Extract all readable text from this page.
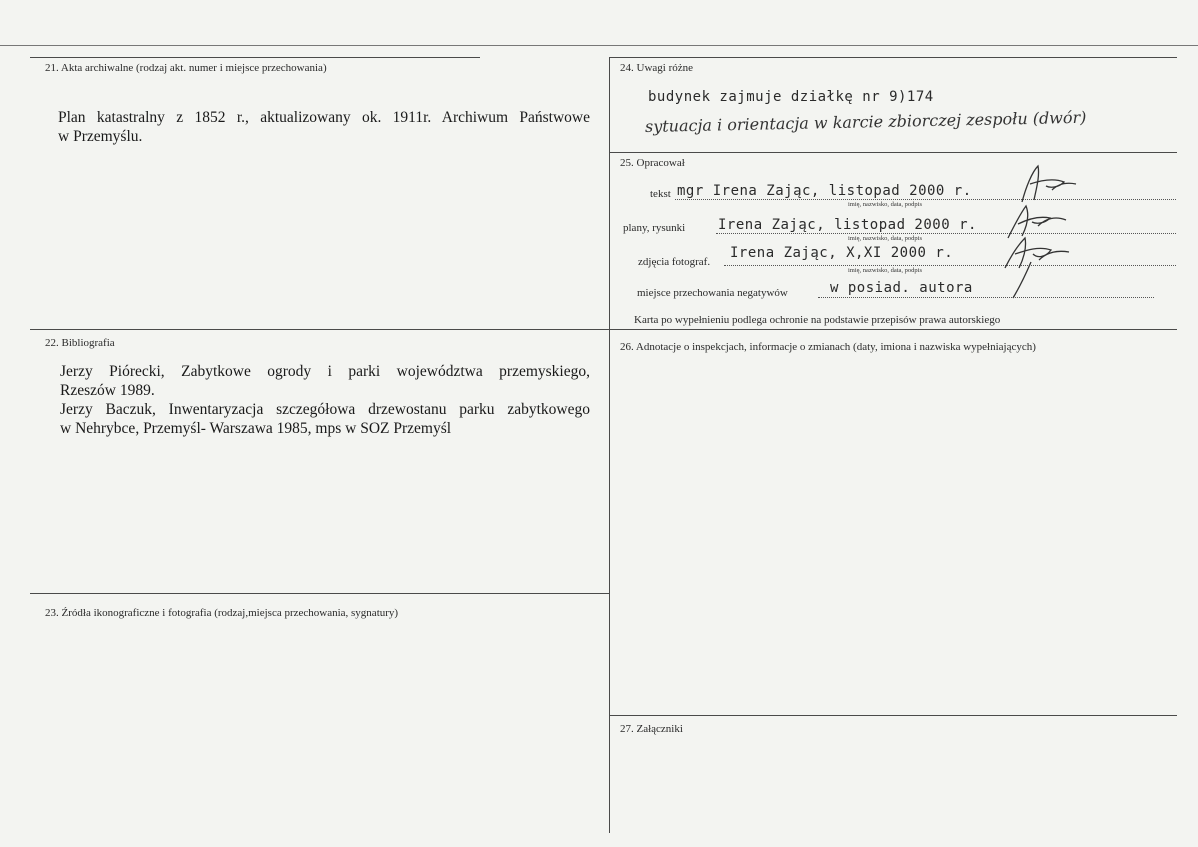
21. Akta archiwalne (rodzaj akt. numer i miejsce przechowania)
Plan katastralny z 1852 r., aktualizowany ok. 1911r. Archiwum Państwowe
w Przemyślu.
22. Bibliografia
Jerzy Piórecki, Zabytkowe ogrody i parki województwa przemyskiego,
Rzeszów 1989.
Jerzy Baczuk, Inwentaryzacja szczegółowa drzewostanu parku zabytkowego
w Nehrybce, Przemyśl- Warszawa 1985, mps w SOZ Przemyśl
23. Źródła ikonograficzne i fotografia (rodzaj,miejsca przechowania, sygnatury)
24. Uwagi różne
budynek zajmuje działkę nr 9)174
sytuacja i orientacja w karcie zbiorczej zespołu (dwór)
25. Opracował
tekst mgr Irena Zając, listopad 2000 r.
imię, nazwisko, data, podpis
plany, rysunki Irena Zając, listopad 2000 r.
imię, nazwisko, data, podpis
zdjęcia fotograf.
Irena Zając, X,XI 2000 r.
imię, nazwisko, data, podpis
miejsce przechowania negatywów	w posiad. autora
Karta po wypełnieniu podlega ochronie na podstawie przepisów prawa autorskiego
26. Adnotacje o inspekcjach, informacje o zmianach (daty, imiona i nazwiska wypełniających)
27. Załączniki
